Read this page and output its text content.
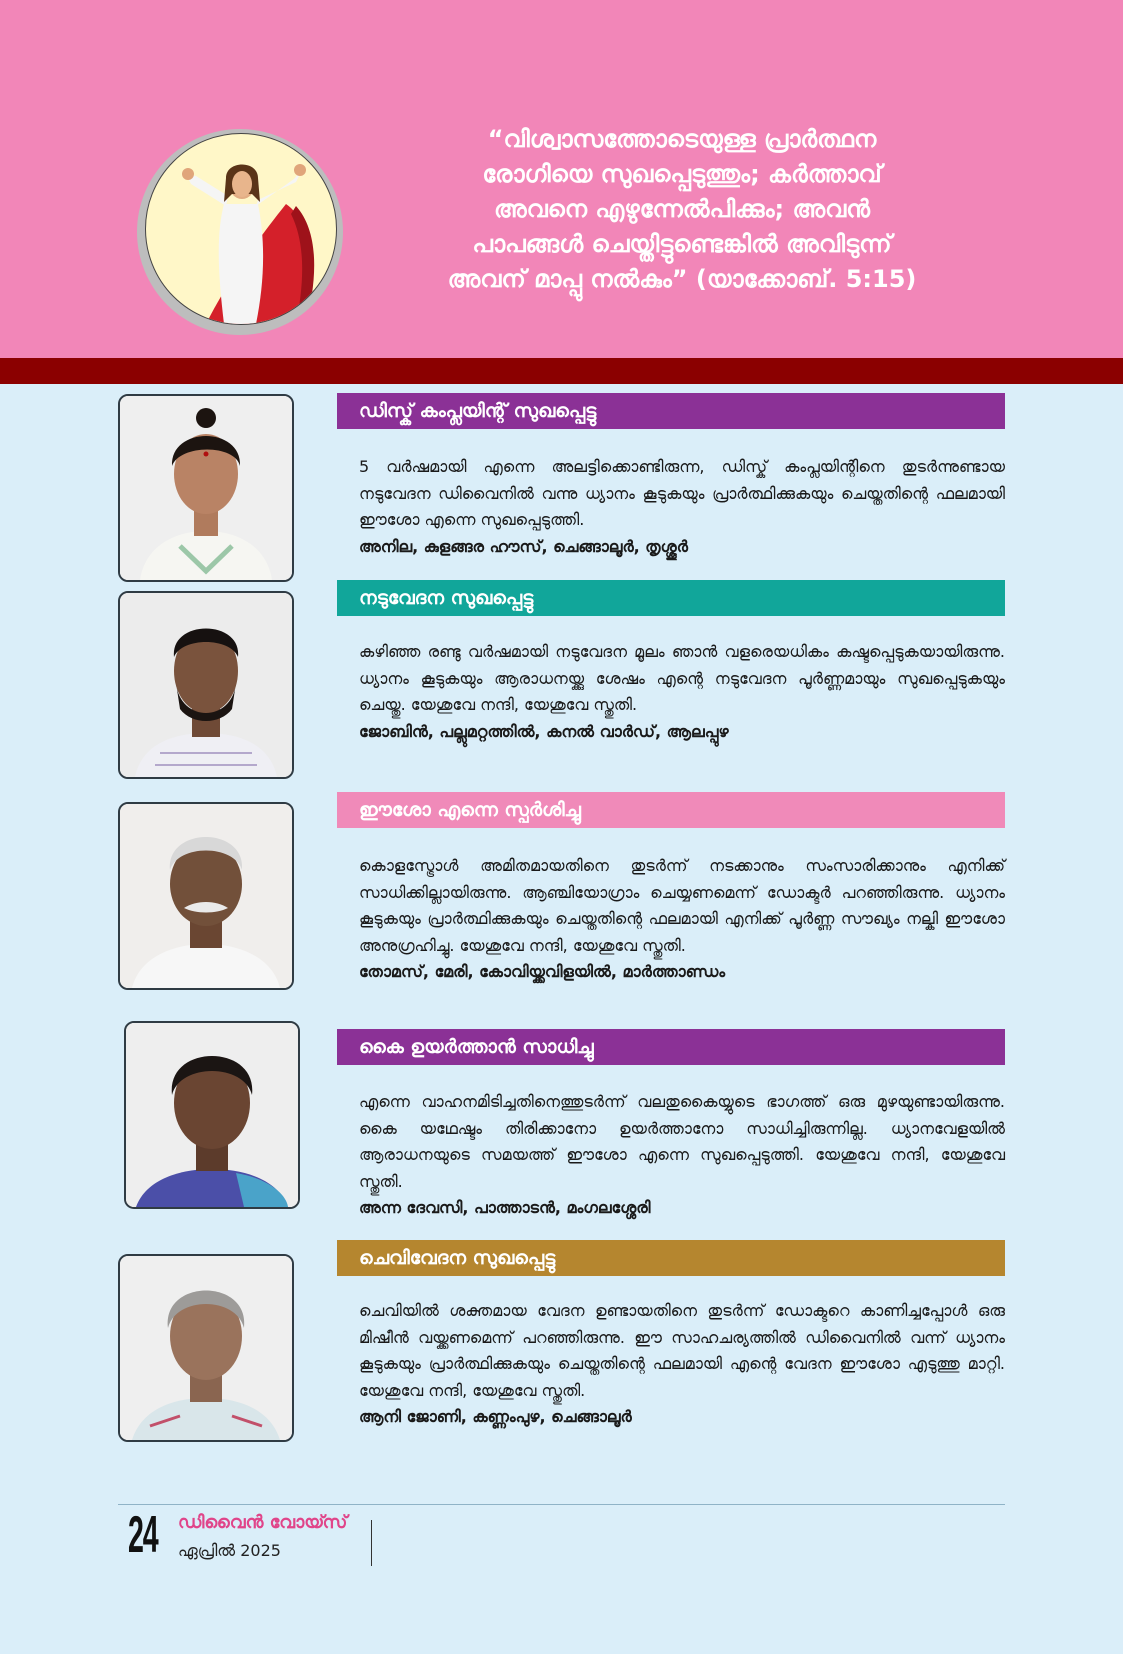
“വിശ്വാസത്തോടെയുള്ള പ്രാർത്ഥന
രോഗിയെ സുഖപ്പെടുത്തും; കർത്താവ്
അവനെ എഴുന്നേൽപിക്കും; അവൻ
പാപങ്ങൾ ചെയ്തിട്ടുണ്ടെങ്കിൽ അവിടുന്ന്
അവന് മാപ്പു നൽകും” (യാക്കോബ്. 5:15)
ഡിസ്ക് കംപ്ലയിന്റ് സുഖപ്പെട്ടു
5 വർഷമായി എന്നെ അലട്ടിക്കൊണ്ടിരുന്ന, ഡിസ്ക് കംപ്ലയിന്റിനെ തുടർന്നുണ്ടായ നടുവേദന ഡിവൈനിൽ വന്നു ധ്യാനം കൂടുകയും പ്രാർത്ഥിക്കുകയും ചെയ്തതിന്റെ ഫലമായി ഈശോ എന്നെ സുഖപ്പെടുത്തി.
അനില, കുളങ്ങര ഹൗസ്, ചെങ്ങാലൂർ, തൃശ്ശൂർ
നടുവേദന സുഖപ്പെട്ടു
കഴിഞ്ഞ രണ്ടു വർഷമായി നടുവേദന മൂലം ഞാൻ വളരെയധികം കഷ്ടപ്പെടുകയായിരുന്നു. ധ്യാനം കൂടുകയും ആരാധനയ്ക്കു ശേഷം എന്റെ നടുവേദന പൂർണ്ണമായും സുഖപ്പെടുകയും ചെയ്തു. യേശുവേ നന്ദി, യേശുവേ സ്തുതി.
ജോബിൻ, പല്ലുമറ്റത്തിൽ, കനൽ വാർഡ്, ആലപ്പുഴ
ഈശോ എന്നെ സ്പർശിച്ചു
കൊളസ്ട്രോൾ അമിതമായതിനെ തുടർന്ന് നടക്കാനും സംസാരിക്കാനും എനിക്ക് സാധിക്കില്ലായിരുന്നു. ആഞ്ചിയോഗ്രാം ചെയ്യണമെന്ന് ഡോക്ടർ പറഞ്ഞിരുന്നു. ധ്യാനം കൂടുകയും പ്രാർത്ഥിക്കുകയും ചെയ്തതിന്റെ ഫലമായി എനിക്ക് പൂർണ്ണ സൗഖ്യം നല്കി ഈശോ അനുഗ്രഹിച്ചു. യേശുവേ നന്ദി, യേശുവേ സ്തുതി.
തോമസ്, മേരി, കോവിയ്ക്കവിളയിൽ, മാർത്താണ്ഡം
കൈ ഉയർത്താൻ സാധിച്ചു
എന്നെ വാഹനമിടിച്ചതിനെത്തുടർന്ന് വലതുകൈയ്യുടെ ഭാഗത്ത് ഒരു മുഴയുണ്ടായിരുന്നു. കൈ യഥേഷ്ടം തിരിക്കാനോ ഉയർത്താനോ സാധിച്ചിരുന്നില്ല. ധ്യാനവേളയിൽ ആരാധനയുടെ സമയത്ത് ഈശോ എന്നെ സുഖപ്പെടുത്തി. യേശുവേ നന്ദി, യേശുവേ സ്തുതി.
അന്ന ദേവസി, പാത്താടൻ, മംഗലശ്ശേരി
ചെവിവേദന സുഖപ്പെട്ടു
ചെവിയിൽ ശക്തമായ വേദന ഉണ്ടായതിനെ തുടർന്ന് ഡോക്ടറെ കാണിച്ചപ്പോൾ ഒരു മിഷീൻ വയ്ക്കണമെന്ന് പറഞ്ഞിരുന്നു. ഈ സാഹചര്യത്തിൽ ഡിവൈനിൽ വന്ന് ധ്യാനം കൂടുകയും പ്രാർത്ഥിക്കുകയും ചെയ്തതിന്റെ ഫലമായി എന്റെ വേദന ഈശോ എടുത്തു മാറ്റി. യേശുവേ നന്ദി, യേശുവേ സ്തുതി.
ആനി ജോണി, കണ്ണംപുഴ, ചെങ്ങാലൂർ
24 ഡിവൈൻ വോയ്സ്
ഏപ്രിൽ 2025
